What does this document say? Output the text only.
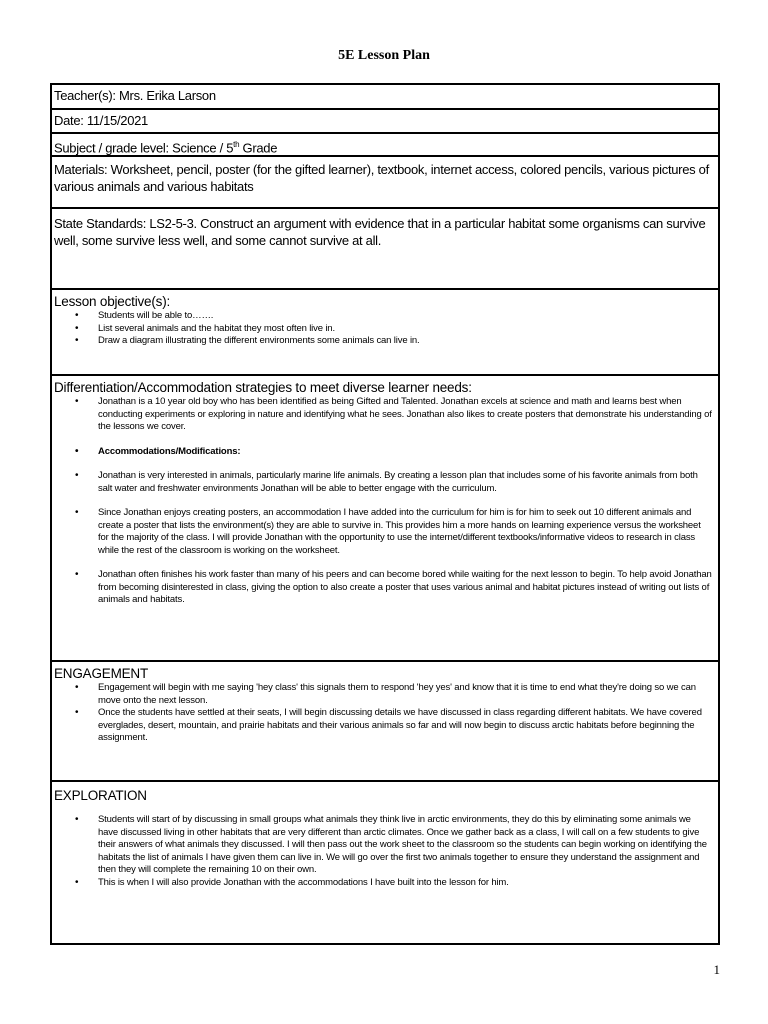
5E Lesson Plan
Teacher(s): Mrs. Erika Larson
Date: 11/15/2021
Subject / grade level: Science / 5th Grade
Materials: Worksheet, pencil, poster (for the gifted learner), textbook, internet access, colored pencils, various pictures of various animals and various habitats
State Standards: LS2-5-3. Construct an argument with evidence that in a particular habitat some organisms can survive well, some survive less well, and some cannot survive at all.
Lesson objective(s):
• Students will be able to…….
• List several animals and the habitat they most often live in.
• Draw a diagram illustrating the different environments some animals can live in.
Differentiation/Accommodation strategies to meet diverse learner needs:
• Jonathan is a 10 year old boy who has been identified as being Gifted and Talented. Jonathan excels at science and math and learns best when conducting experiments or exploring in nature and identifying what he sees. Jonathan also likes to create posters that demonstrate his understanding of the lessons we cover.
• Accommodations/Modifications:
• Jonathan is very interested in animals, particularly marine life animals. By creating a lesson plan that includes some of his favorite animals from both salt water and freshwater environments Jonathan will be able to better engage with the curriculum.
• Since Jonathan enjoys creating posters, an accommodation I have added into the curriculum for him is for him to seek out 10 different animals and create a poster that lists the environment(s) they are able to survive in. This provides him a more hands on learning experience versus the worksheet for the majority of the class. I will provide Jonathan with the opportunity to use the internet/different textbooks/informative videos to research in class while the rest of the classroom is working on the worksheet.
• Jonathan often finishes his work faster than many of his peers and can become bored while waiting for the next lesson to begin. To help avoid Jonathan from becoming disinterested in class, giving the option to also create a poster that uses various animal and habitat pictures instead of writing out lists of animals and habitats.
ENGAGEMENT
• Engagement will begin with me saying 'hey class' this signals them to respond 'hey yes' and know that it is time to end what they're doing so we can move onto the next lesson.
• Once the students have settled at their seats, I will begin discussing details we have discussed in class regarding different habitats. We have covered everglades, desert, mountain, and prairie habitats and their various animals so far and will now begin to discuss arctic habitats before beginning the assignment.
EXPLORATION
• Students will start of by discussing in small groups what animals they think live in arctic environments, they do this by eliminating some animals we have discussed living in other habitats that are very different than arctic climates. Once we gather back as a class, I will call on a few students to give their answers of what animals they discussed. I will then pass out the work sheet to the classroom so the students can begin working on identifying the habitats the list of animals I have given them can live in. We will go over the first two animals together to ensure they understand the assignment and then they will complete the remaining 10 on their own.
• This is when I will also provide Jonathan with the accommodations I have built into the lesson for him.
1
